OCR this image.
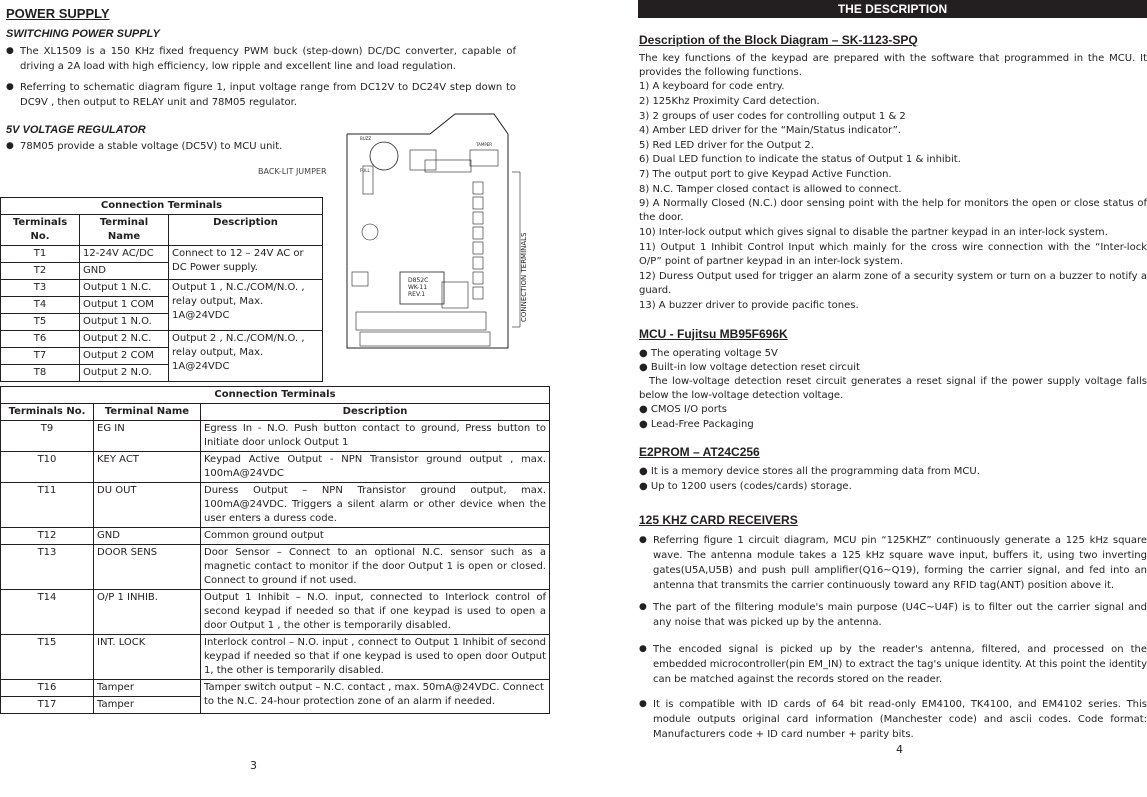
POWER SUPPLY
SWITCHING POWER SUPPLY
● The XL1509 is a 150 KHz fixed frequency PWM buck (step-down) DC/DC converter, capable of driving a 2A load with high efficiency, low ripple and excellent line and load regulation.
● Referring to schematic diagram figure 1, input voltage range from DC12V to DC24V step down to DC9V , then output to RELAY unit and 78M05 regulator.
5V VOLTAGE REGULATOR
● 78M05 provide a stable voltage (DC5V) to MCU unit.
BACK-LIT JUMPER
BUZZ
TAMPER
FULL
D852C
WK-11
REV.1	CONNECTION TERMINALS
Connection Terminals		
Terminals No.	Terminal Name	Description
T1	12-24V AC/DC	Connect to 12 – 24V AC or DC Power supply.
T2	GND	
T3	Output 1 N.C.	Output 1 , N.C./COM/N.O. , relay output, Max. 1A@24VDC
T4	Output 1 COM	
T5	Output 1 N.O.	
T6	Output 2 N.C.	Output 2 , N.C./COM/N.O. , relay output, Max. 1A@24VDC
T7	Output 2 COM	
T8	Output 2 N.O.	
Connection Terminals		
Terminals No.	Terminal Name	Description
T9	EG IN	Egress In - N.O. Push button contact to ground, Press button to Initiate door unlock Output 1
T10	KEY ACT	Keypad Active Output - NPN Transistor ground output , max. 100mA@24VDC
T11	DU OUT	Duress Output – NPN Transistor ground output, max. 100mA@24VDC. Triggers a silent alarm or other device when the user enters a duress code.
T12	GND	Common ground output
T13	DOOR SENS	Door Sensor – Connect to an optional N.C. sensor such as a magnetic contact to monitor if the door Output 1 is open or closed. Connect to ground if not used.
T14	O/P 1 INHIB.	Output 1 Inhibit – N.O. input, connected to Interlock control of second keypad if needed so that if one keypad is used to open a door Output 1 , the other is temporarily disabled.
T15	INT. LOCK	Interlock control – N.O. input , connect to Output 1 Inhibit of second keypad if needed so that if one keypad is used to open door Output 1, the other is temporarily disabled.
T16	Tamper	Tamper switch output – N.C. contact , max. 50mA@24VDC. Connect to the N.C. 24-hour protection zone of an alarm if needed.
T17	Tamper	
3
THE DESCRIPTION
Description of the Block Diagram – SK-1123-SPQ
The key functions of the keypad are prepared with the software that programmed in the MCU. It provides the following functions.
1) A keyboard for code entry.
2) 125Khz Proximity Card detection.
3) 2 groups of user codes for controlling output 1 & 2
4) Amber LED driver for the “Main/Status indicator”.
5) Red LED driver for the Output 2.
6) Dual LED function to indicate the status of Output 1 & inhibit.
7) The output port to give Keypad Active Function.
8) N.C. Tamper closed contact is allowed to connect.
9) A Normally Closed (N.C.) door sensing point with the help for monitors the open or close status of the door.
10) Inter-lock output which gives signal to disable the partner keypad in an inter-lock system.
11) Output 1 Inhibit Control Input which mainly for the cross wire connection with the “Inter-lock O/P” point of partner keypad in an inter-lock system.
12) Duress Output used for trigger an alarm zone of a security system or turn on a buzzer to notify a guard.
13) A buzzer driver to provide pacific tones.
MCU - Fujitsu MB95F696K
● The operating voltage 5V
● Built-in low voltage detection reset circuit
The low-voltage detection reset circuit generates a reset signal if the power supply voltage falls below the low-voltage detection voltage.
● CMOS I/O ports
● Lead-Free Packaging
E2PROM – AT24C256
● It is a memory device stores all the programming data from MCU.
● Up to 1200 users (codes/cards) storage.
125 KHZ CARD RECEIVERS
● Referring figure 1 circuit diagram, MCU pin “125KHZ” continuously generate a 125 kHz square wave. The antenna module takes a 125 kHz square wave input, buffers it, using two inverting gates(U5A,U5B) and push pull amplifier(Q16~Q19), forming the carrier signal, and fed into an antenna that transmits the carrier continuously toward any RFID tag(ANT) position above it.
● The part of the filtering module's main purpose (U4C~U4F) is to filter out the carrier signal and any noise that was picked up by the antenna.
● The encoded signal is picked up by the reader's antenna, filtered, and processed on the embedded microcontroller(pin EM_IN) to extract the tag's unique identity. At this point the identity can be matched against the records stored on the reader.
● It is compatible with ID cards of 64 bit read-only EM4100, TK4100, and EM4102 series. This module outputs original card information (Manchester code) and ascii codes. Code format: Manufacturers code + ID card number + parity bits.
4
